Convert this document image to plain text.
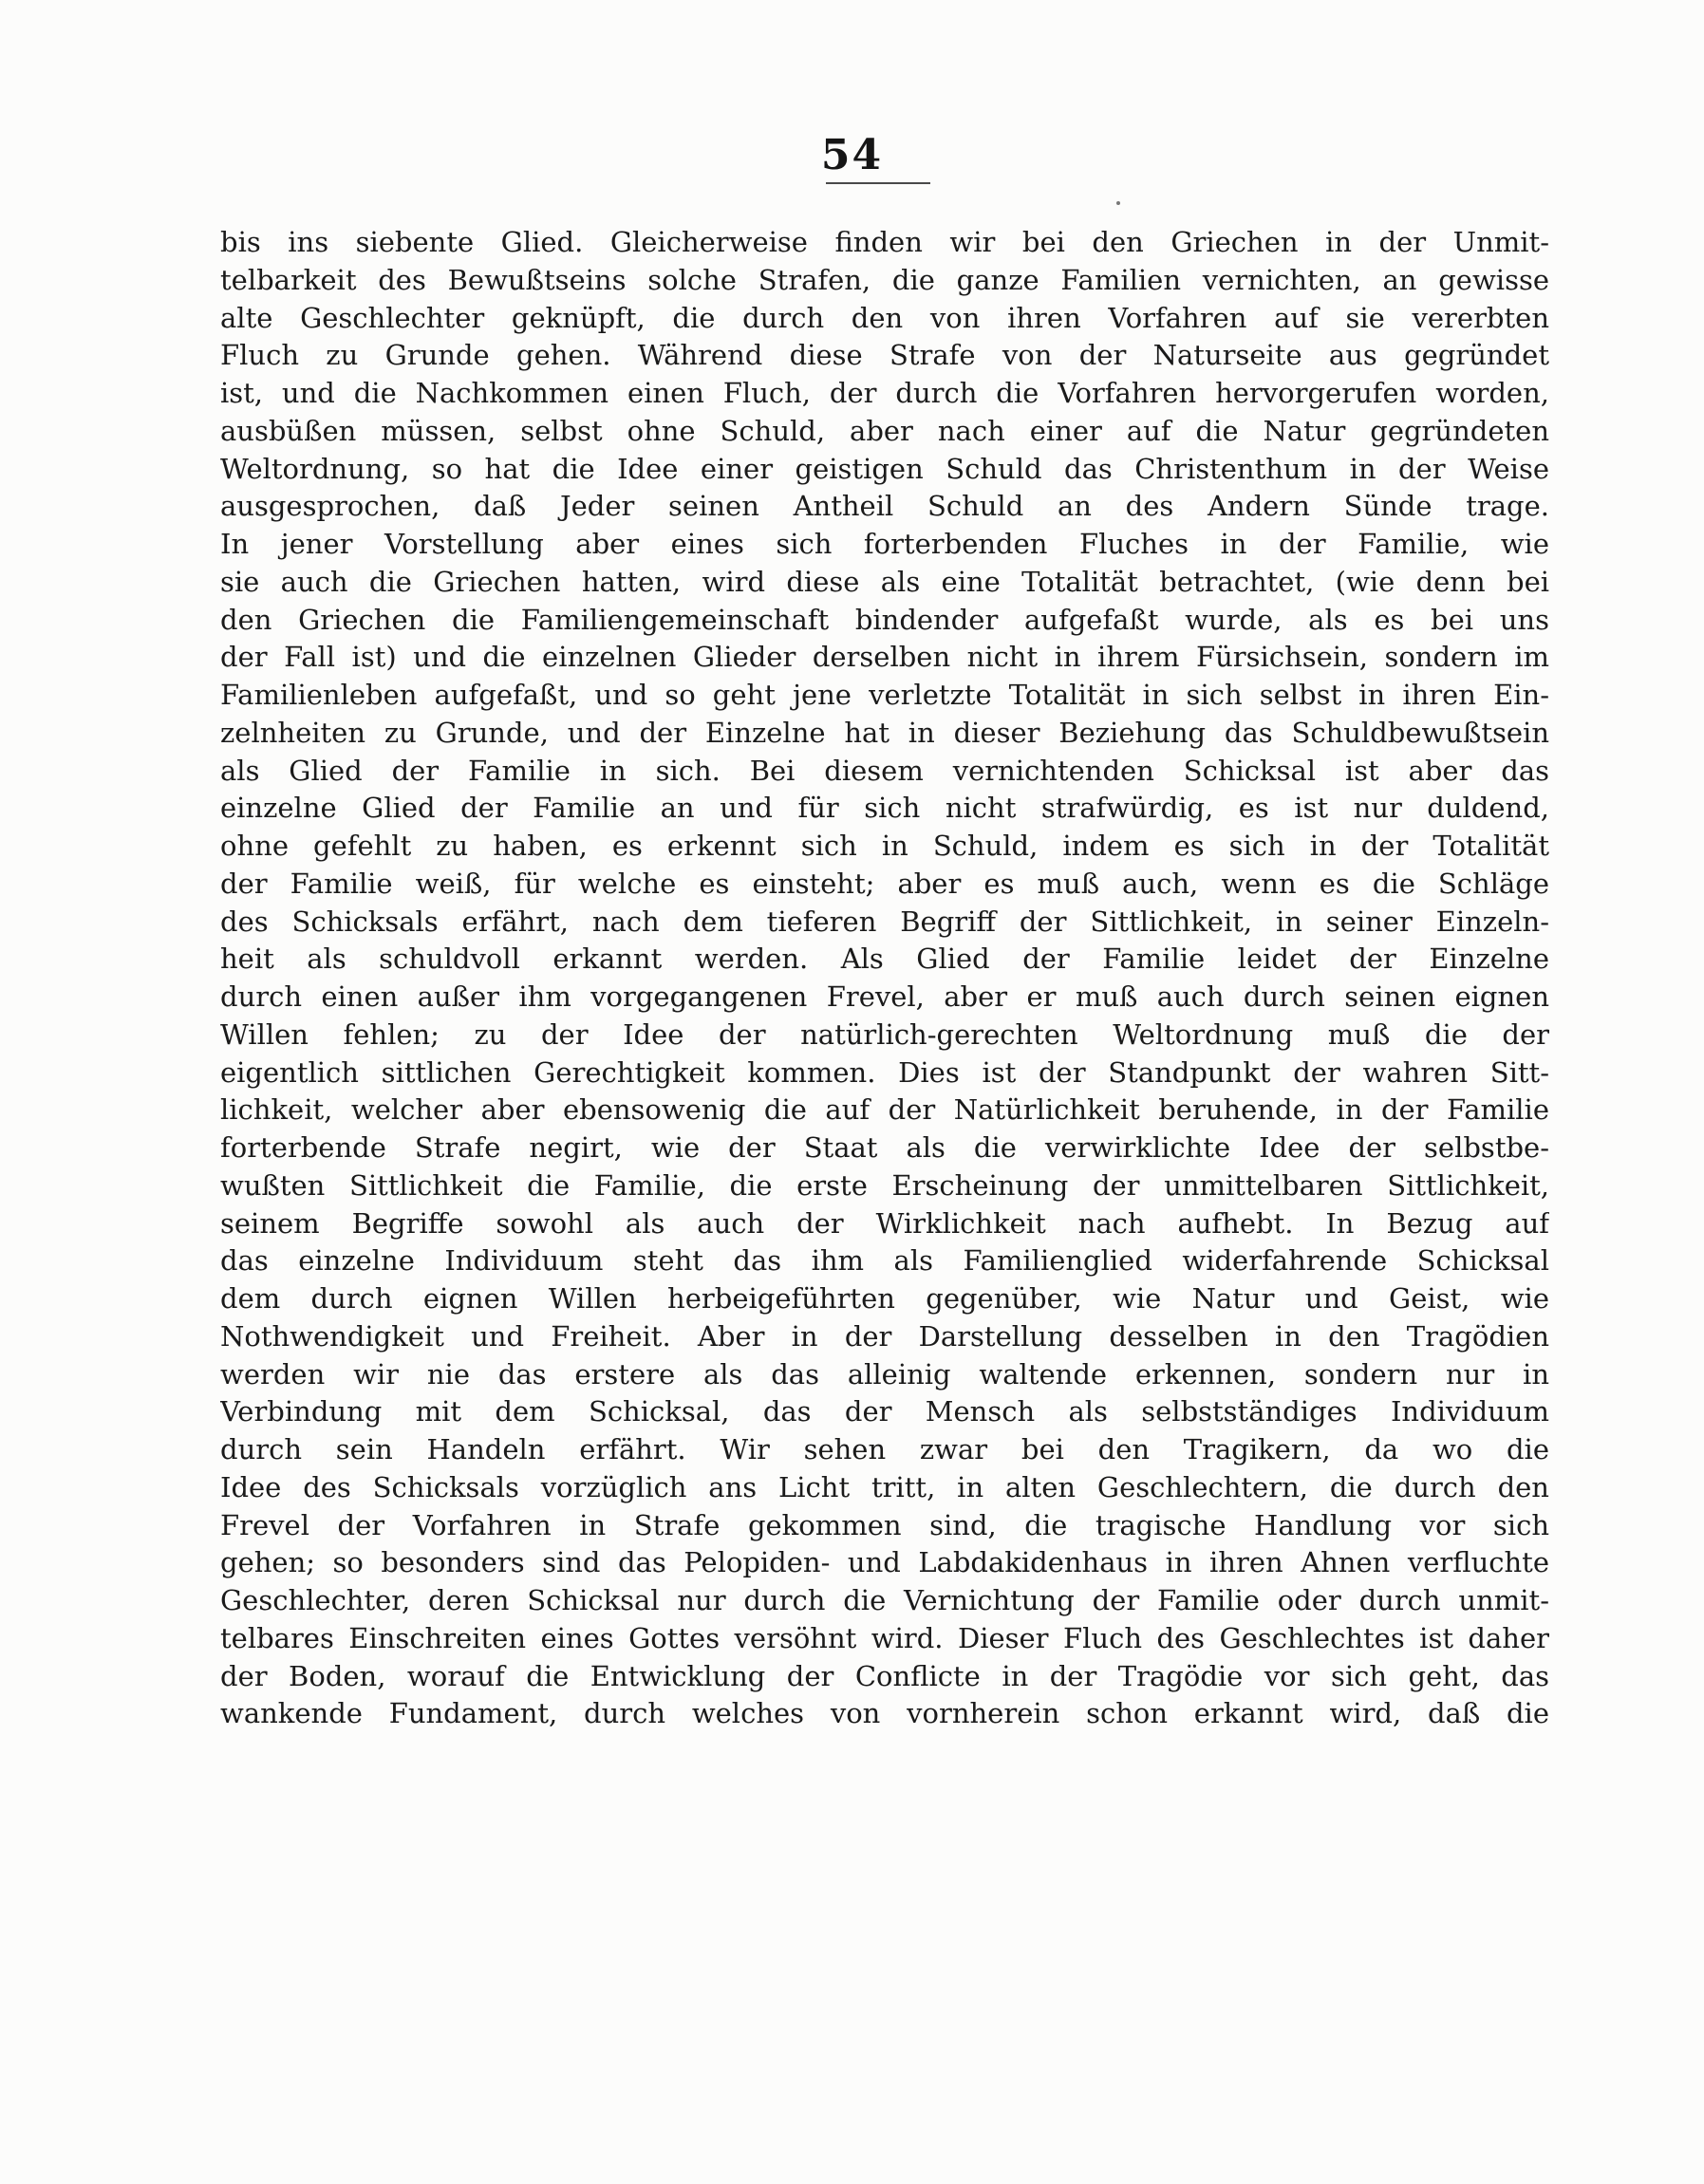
54
bis ins siebente Glied. Gleicherweise finden wir bei den Griechen in der Unmit-
telbarkeit des Bewußtseins solche Strafen, die ganze Familien vernichten, an gewisse
alte Geschlechter geknüpft, die durch den von ihren Vorfahren auf sie vererbten
Fluch zu Grunde gehen. Während diese Strafe von der Naturseite aus gegründet
ist, und die Nachkommen einen Fluch, der durch die Vorfahren hervorgerufen worden,
ausbüßen müssen, selbst ohne Schuld, aber nach einer auf die Natur gegründeten
Weltordnung, so hat die Idee einer geistigen Schuld das Christenthum in der Weise
ausgesprochen, daß Jeder seinen Antheil Schuld an des Andern Sünde trage.
In jener Vorstellung aber eines sich forterbenden Fluches in der Familie, wie
sie auch die Griechen hatten, wird diese als eine Totalität betrachtet, (wie denn bei
den Griechen die Familiengemeinschaft bindender aufgefaßt wurde, als es bei uns
der Fall ist) und die einzelnen Glieder derselben nicht in ihrem Fürsichsein, sondern im
Familienleben aufgefaßt, und so geht jene verletzte Totalität in sich selbst in ihren Ein-
zelnheiten zu Grunde, und der Einzelne hat in dieser Beziehung das Schuldbewußtsein
als Glied der Familie in sich. Bei diesem vernichtenden Schicksal ist aber das
einzelne Glied der Familie an und für sich nicht strafwürdig, es ist nur duldend,
ohne gefehlt zu haben, es erkennt sich in Schuld, indem es sich in der Totalität
der Familie weiß, für welche es einsteht; aber es muß auch, wenn es die Schläge
des Schicksals erfährt, nach dem tieferen Begriff der Sittlichkeit, in seiner Einzeln-
heit als schuldvoll erkannt werden. Als Glied der Familie leidet der Einzelne
durch einen außer ihm vorgegangenen Frevel, aber er muß auch durch seinen eignen
Willen fehlen; zu der Idee der natürlich-gerechten Weltordnung muß die der
eigentlich sittlichen Gerechtigkeit kommen. Dies ist der Standpunkt der wahren Sitt-
lichkeit, welcher aber ebensowenig die auf der Natürlichkeit beruhende, in der Familie
forterbende Strafe negirt, wie der Staat als die verwirklichte Idee der selbstbe-
wußten Sittlichkeit die Familie, die erste Erscheinung der unmittelbaren Sittlichkeit,
seinem Begriffe sowohl als auch der Wirklichkeit nach aufhebt. In Bezug auf
das einzelne Individuum steht das ihm als Familienglied widerfahrende Schicksal
dem durch eignen Willen herbeigeführten gegenüber, wie Natur und Geist, wie
Nothwendigkeit und Freiheit. Aber in der Darstellung desselben in den Tragödien
werden wir nie das erstere als das alleinig waltende erkennen, sondern nur in
Verbindung mit dem Schicksal, das der Mensch als selbstständiges Individuum
durch sein Handeln erfährt. Wir sehen zwar bei den Tragikern, da wo die
Idee des Schicksals vorzüglich ans Licht tritt, in alten Geschlechtern, die durch den
Frevel der Vorfahren in Strafe gekommen sind, die tragische Handlung vor sich
gehen; so besonders sind das Pelopiden- und Labdakidenhaus in ihren Ahnen verfluchte
Geschlechter, deren Schicksal nur durch die Vernichtung der Familie oder durch unmit-
telbares Einschreiten eines Gottes versöhnt wird. Dieser Fluch des Geschlechtes ist daher
der Boden, worauf die Entwicklung der Conflicte in der Tragödie vor sich geht, das
wankende Fundament, durch welches von vornherein schon erkannt wird, daß die
